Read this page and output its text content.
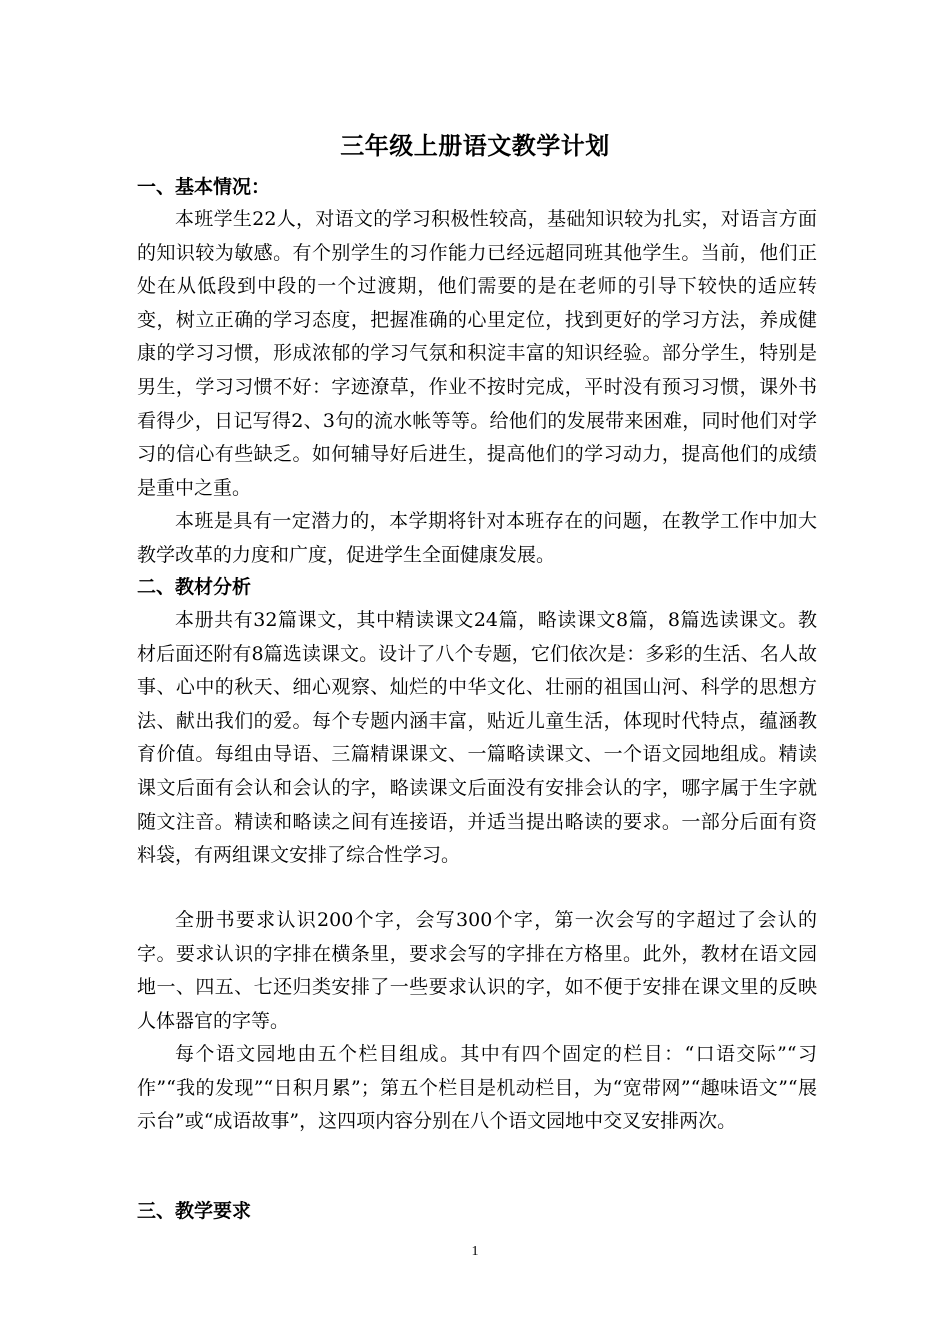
三年级上册语文教学计划
一、基本情况：

本班学生22人，对语文的学习积极性较高，基础知识较为扎实，对语言方面的知识较为敏感。有个别学生的习作能力已经远超同班其他学生。当前，他们正处在从低段到中段的一个过渡期，他们需要的是在老师的引导下较快的适应转变，树立正确的学习态度，把握准确的心里定位，找到更好的学习方法，养成健康的学习习惯，形成浓郁的学习气氛和积淀丰富的知识经验。部分学生，特别是男生，学习习惯不好：字迹潦草，作业不按时完成，平时没有预习习惯，课外书看得少，日记写得2、3句的流水帐等等。给他们的发展带来困难，同时他们对学习的信心有些缺乏。如何辅导好后进生，提高他们的学习动力，提高他们的成绩是重中之重。

本班是具有一定潜力的，本学期将针对本班存在的问题，在教学工作中加大教学改革的力度和广度，促进学生全面健康发展。

二、教材分析

本册共有32篇课文，其中精读课文24篇，略读课文8篇，8篇选读课文。教材后面还附有8篇选读课文。设计了八个专题，它们依次是：多彩的生活、名人故事、心中的秋天、细心观察、灿烂的中华文化、壮丽的祖国山河、科学的思想方法、献出我们的爱。每个专题内涵丰富，贴近儿童生活，体现时代特点，蕴涵教育价值。每组由导语、三篇精课课文、一篇略读课文、一个语文园地组成。精读课文后面有会认和会认的字，略读课文后面没有安排会认的字，哪字属于生字就随文注音。精读和略读之间有连接语，并适当提出略读的要求。一部分后面有资料袋，有两组课文安排了综合性学习。

全册书要求认识200个字，会写300个字，第一次会写的字超过了会认的字。要求认识的字排在横条里，要求会写的字排在方格里。此外，教材在语文园地一、四五、七还归类安排了一些要求认识的字，如不便于安排在课文里的反映人体器官的字等。

每个语文园地由五个栏目组成。其中有四个固定的栏目：“口语交际”“习作”“我的发现”“日积月累”；第五个栏目是机动栏目，为“宽带网”“趣味语文”“展示台”或“成语故事”，这四项内容分别在八个语文园地中交叉安排两次。

三、教学要求
1
